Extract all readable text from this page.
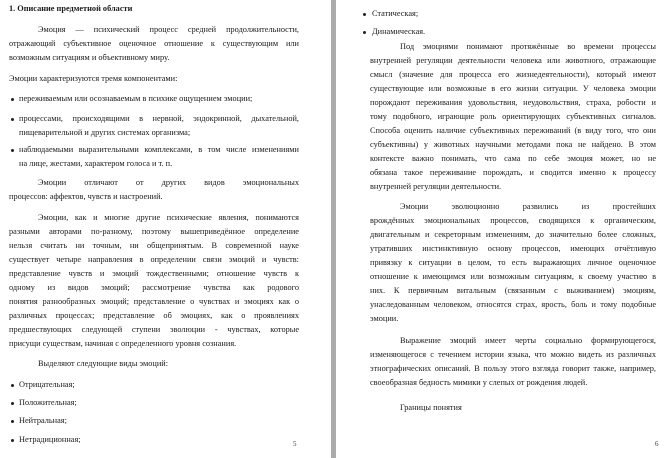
1. Описание предметной области
Эмоция — психический процесс средней продолжительности,
отражающий субъективное оценочное отношение к существующим или
возможным ситуациям и объективному миру.
Эмоции характеризуются тремя компонентами:
переживаемым или осознаваемым в психике ощущением эмоции;
процессами, происходящими в нервной, эндокринной, дыхательной,
пищеварительной и других системах организма;
наблюдаемыми выразительными комплексами, в том числе изменениями
на лице, жестами, характером голоса и т. п.
Эмоции отличают от других видов эмоциональных
процессов: аффектов, чувств и настроений.
Эмоции, как и многие другие психические явления, понимаются
разными авторами по-разному, поэтому вышеприведённое определение
нельзя считать ни точным, ни общепринятым. В современной науке
существует четыре направления в определении связи эмоций и чувств:
представление чувств и эмоций тождественными; отношение чувств к
одному из видов эмоций; рассмотрение чувства как родового
понятия разнообразных эмоций; представление о чувствах и эмоциях как о
различных процессах; представление об эмоциях, как о проявлениях
предшествующих следующей ступени эволюции - чувствах, которые
присущи существам, начиная с определенного уровня сознания.
Выделяют следующие виды эмоций:
Отрицательная;
Положительная;
Нейтральная;
Нетрадиционная;	5
Статическая;
Динамическая.
Под эмоциями понимают протяжённые во времени процессы
внутренней регуляции деятельности человека или животного, отражающие
смысл (значение для процесса его жизнедеятельности), который имеют
существующие или возможные в его жизни ситуации. У человека эмоции
порождают переживания удовольствия, неудовольствия, страха, робости и
тому подобного, играющие роль ориентирующих субъективных сигналов.
Способа оценить наличие субъективных переживаний (в виду того, что они
субъективны) у животных научными методами пока не найдено. В этом
контексте важно понимать, что сама по себе эмоция может, но не
обязана такое переживание порождать, и сводится именно к процессу
внутренней регуляции деятельности.
Эмоции эволюционно развились из простейших
врождённых эмоциональных процессов, сводящихся к органическим,
двигательным и секреторным изменениям, до значительно более сложных,
утративших инстинктивную основу процессов, имеющих отчётливую
привязку к ситуации в целом, то есть выражающих личное оценочное
отношение к имеющимся или возможным ситуациям, к своему участию в
них. К первичным витальным (связанным с выживанием) эмоциям,
унаследованным человеком, относятся страх, ярость, боль и тому подобные
эмоции.
Выражение эмоций имеет черты социально формирующегося,
изменяющегося с течением истории языка, что можно видеть из различных
этнографических описаний. В пользу этого взгляда говорит также, например,
своеобразная бедность мимики у слепых от рождения людей.
Границы понятия
6
